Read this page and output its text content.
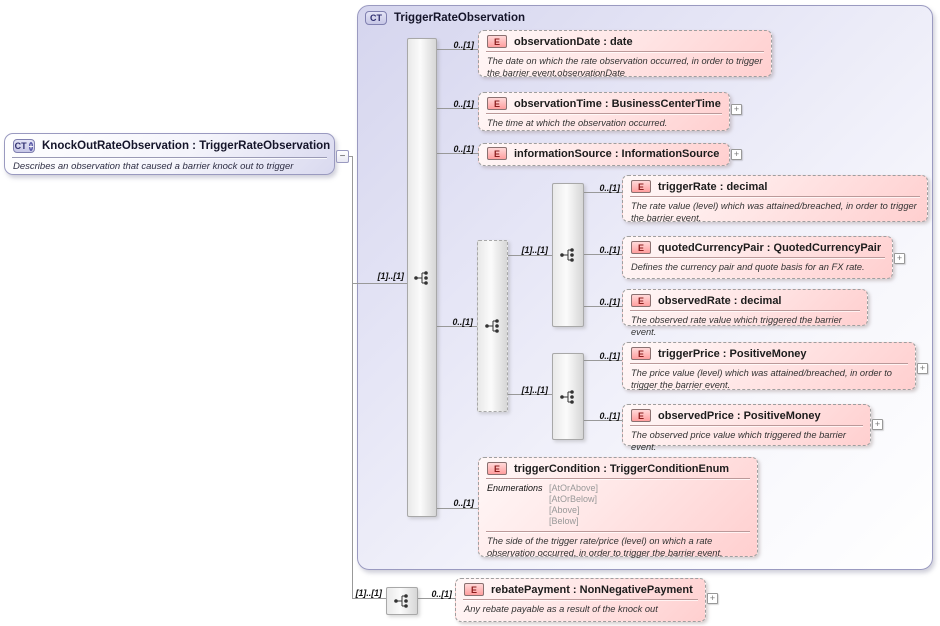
CT	TriggerRateObservation
CT + KnockOutRateObservation : TriggerRateObservation
Describes an observation that caused a barrier knock out to trigger
−
[1]..[1]
0..[1]
0..[1]
0..[1]
0..[1]
0..[1]
[1]..[1]
[1]..[1]
0..[1]
0..[1]
0..[1]
0..[1]
0..[1]
[1]..[1]	0..[1]
E	observationDate : date
The date on which the rate observation occurred, in order to trigger the barrier event.observationDate
E	observationTime : BusinessCenterTime
The time at which the observation occurred.
+
E	informationSource : InformationSource	+
E	triggerRate : decimal
The rate value (level) which was attained/breached, in order to trigger the barrier event.
E	quotedCurrencyPair : QuotedCurrencyPair
Defines the currency pair and quote basis for an FX rate.
+
E	observedRate : decimal
The observed rate value which triggered the barrier event.
E	triggerPrice : PositiveMoney
The price value (level) which was attained/breached, in order to trigger the barrier event.
+
E	observedPrice : PositiveMoney
The observed price value which triggered the barrier event.
+
E	triggerCondition : TriggerConditionEnum
Enumerations [AtOrAbove]
[AtOrBelow]
[Above]
[Below]
The side of the trigger rate/price (level) on which a rate observation occurred, in order to trigger the barrier event.
E	rebatePayment : NonNegativePayment
Any rebate payable as a result of the knock out
+
